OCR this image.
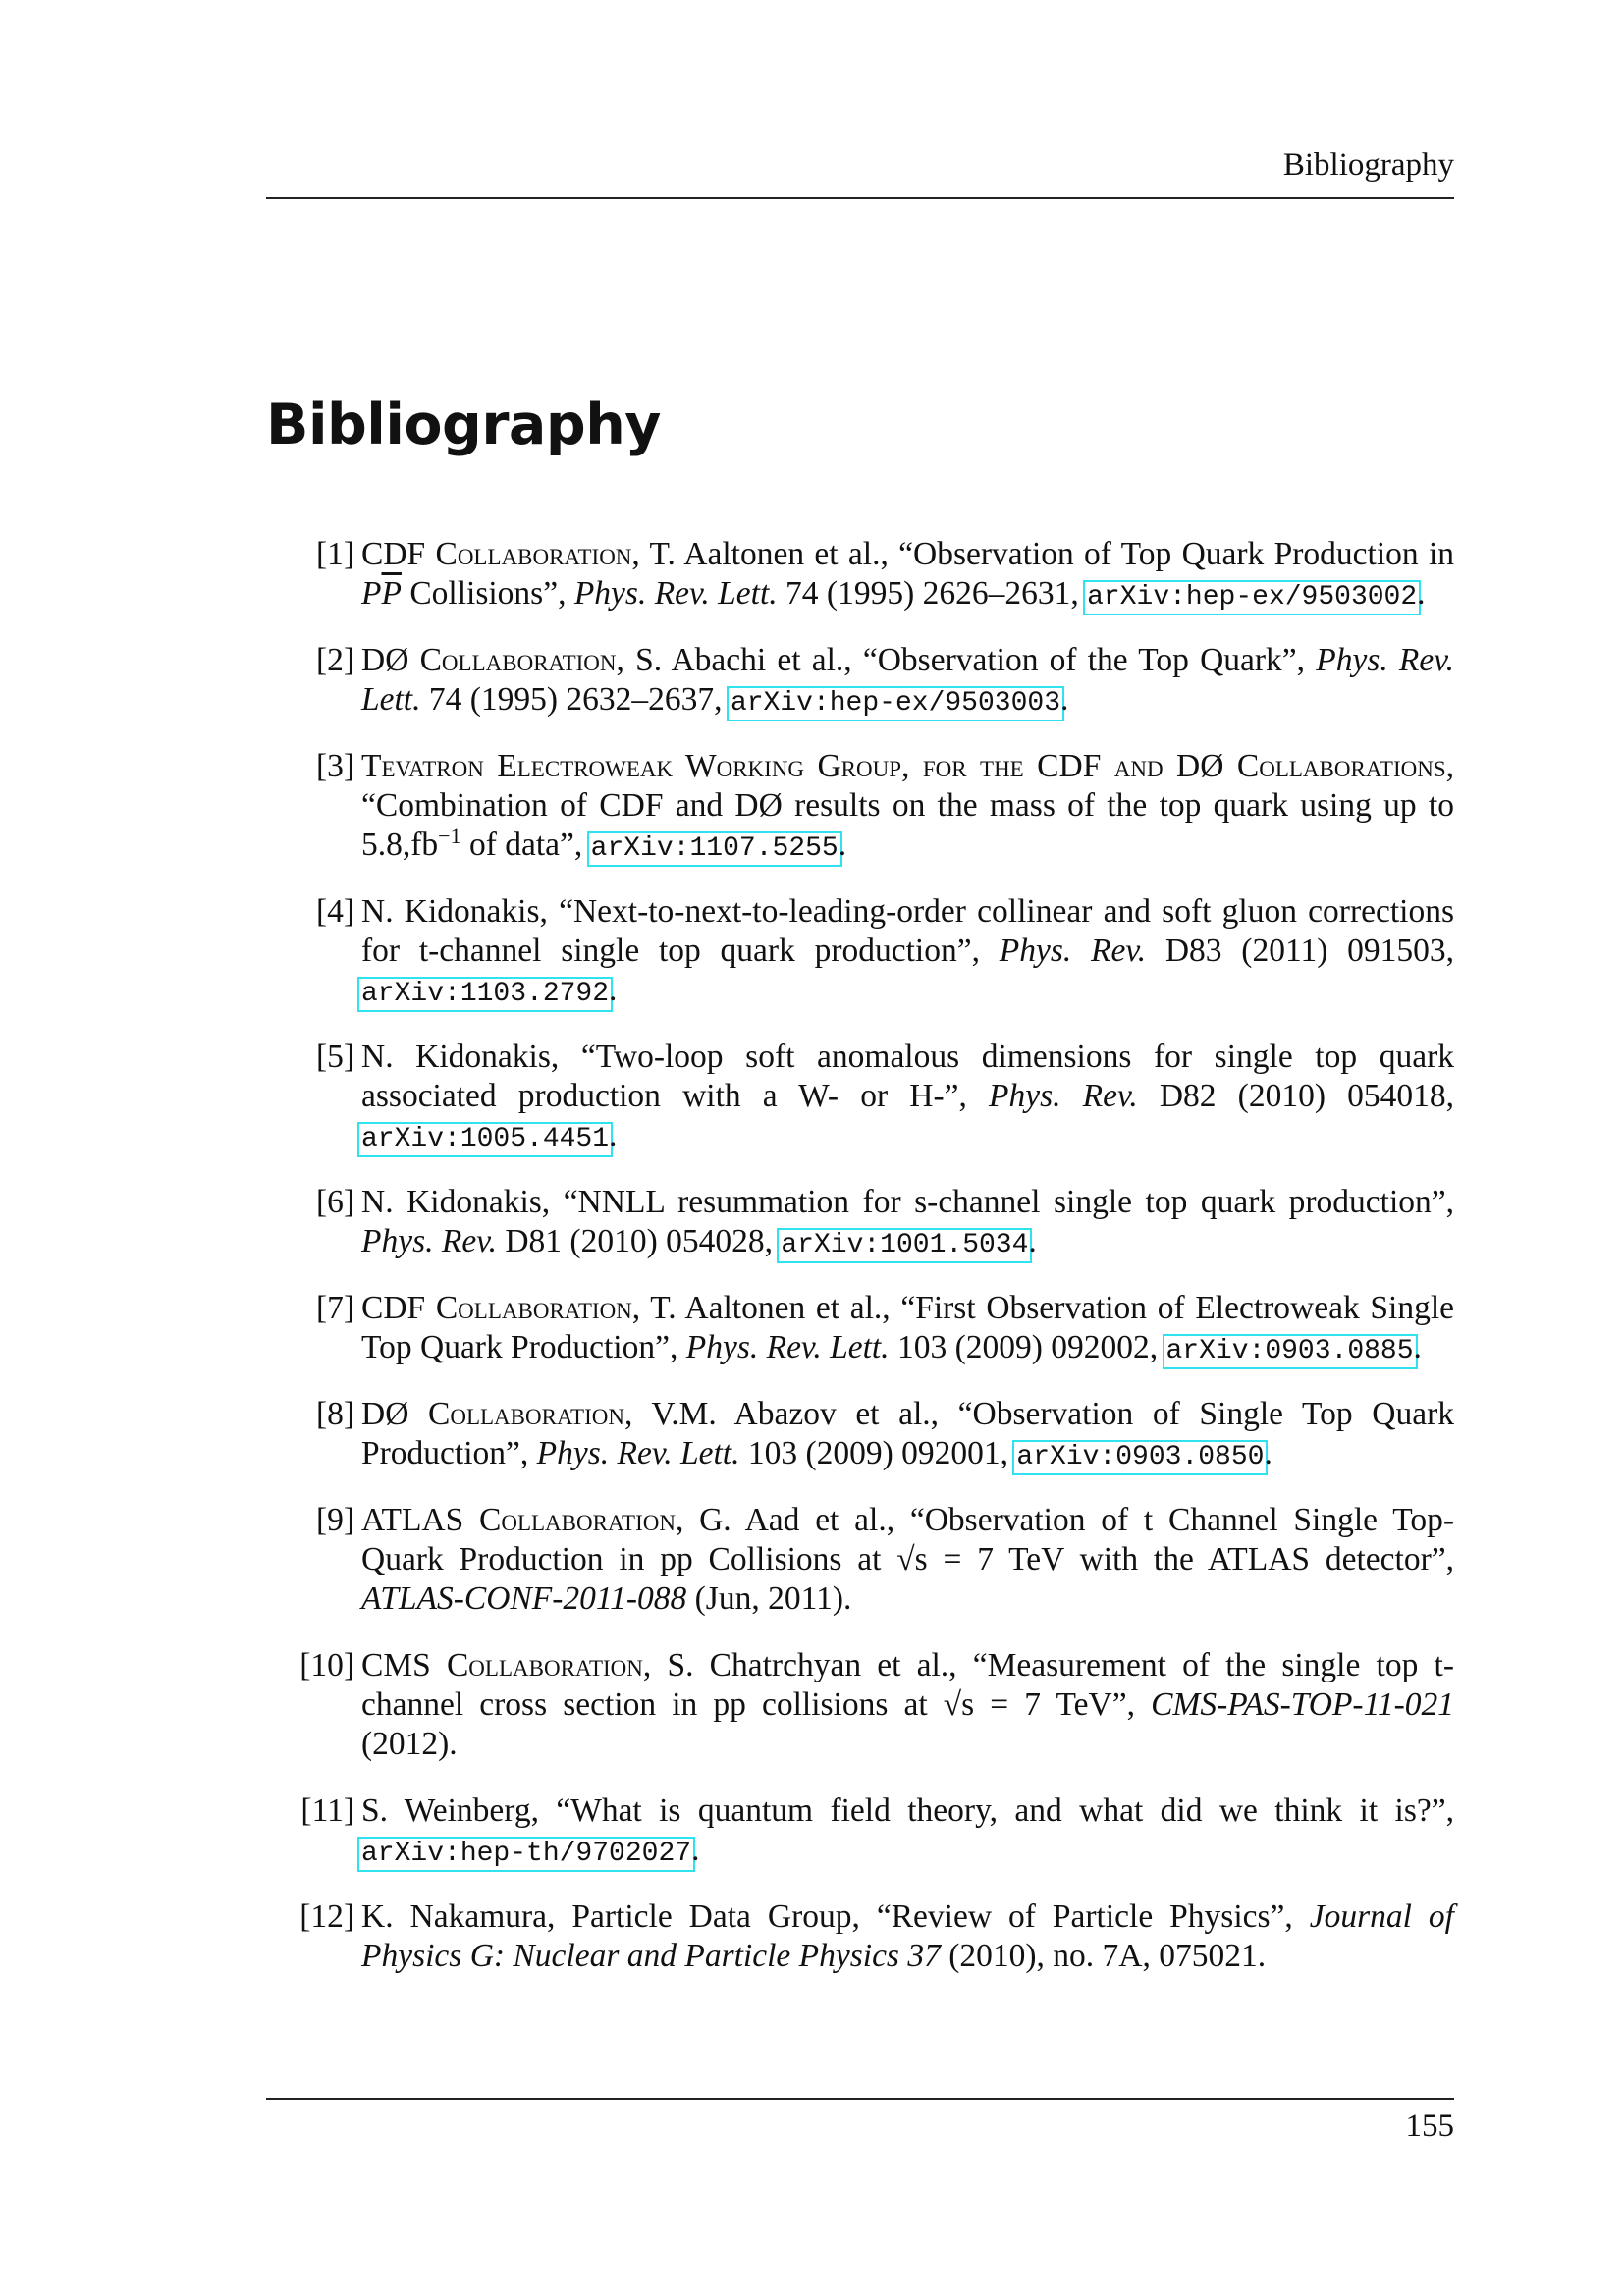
Bibliography
Bibliography
[1] CDF Collaboration, T. Aaltonen et al., “Observation of Top Quark Production in $P\overline{P}$ Collisions”, Phys. Rev. Lett. 74 (1995) 2626–2631, arXiv:hep-ex/9503002.
[2] DØ Collaboration, S. Abachi et al., “Observation of the Top Quark”, Phys. Rev. Lett. 74 (1995) 2632–2637, arXiv:hep-ex/9503003.
[3] Tevatron Electroweak Working Group, for the CDF and DØ Collaborations, “Combination of CDF and DØ results on the mass of the top quark using up to $5.8,fb^{-1}$ of data”, arXiv:1107.5255.
[4] N. Kidonakis, “Next-to-next-to-leading-order collinear and soft gluon corrections for t-channel single top quark production”, Phys. Rev. D83 (2011) 091503, arXiv:1103.2792.
[5] N. Kidonakis, “Two-loop soft anomalous dimensions for single top quark associated production with a W- or H-”, Phys. Rev. D82 (2010) 054018, arXiv:1005.4451.
[6] N. Kidonakis, “NNLL resummation for s-channel single top quark production”, Phys. Rev. D81 (2010) 054028, arXiv:1001.5034.
[7] CDF Collaboration, T. Aaltonen et al., “First Observation of Electroweak Single Top Quark Production”, Phys. Rev. Lett. 103 (2009) 092002, arXiv:0903.0885.
[8] DØ Collaboration, V.M. Abazov et al., “Observation of Single Top Quark Production”, Phys. Rev. Lett. 103 (2009) 092001, arXiv:0903.0850.
[9] ATLAS Collaboration, G. Aad et al., “Observation of t Channel Single Top-Quark Production in pp Collisions at √s = 7 TeV with the ATLAS detector”, ATLAS-CONF-2011-088 (Jun, 2011).
[10] CMS Collaboration, S. Chatrchyan et al., “Measurement of the single top t-channel cross section in pp collisions at √s = 7 TeV”, CMS-PAS-TOP-11-021 (2012).
[11] S. Weinberg, “What is quantum field theory, and what did we think it is?”, arXiv:hep-th/9702027.
[12] K. Nakamura, Particle Data Group, “Review of Particle Physics”, Journal of Physics G: Nuclear and Particle Physics 37 (2010), no. 7A, 075021.
155
